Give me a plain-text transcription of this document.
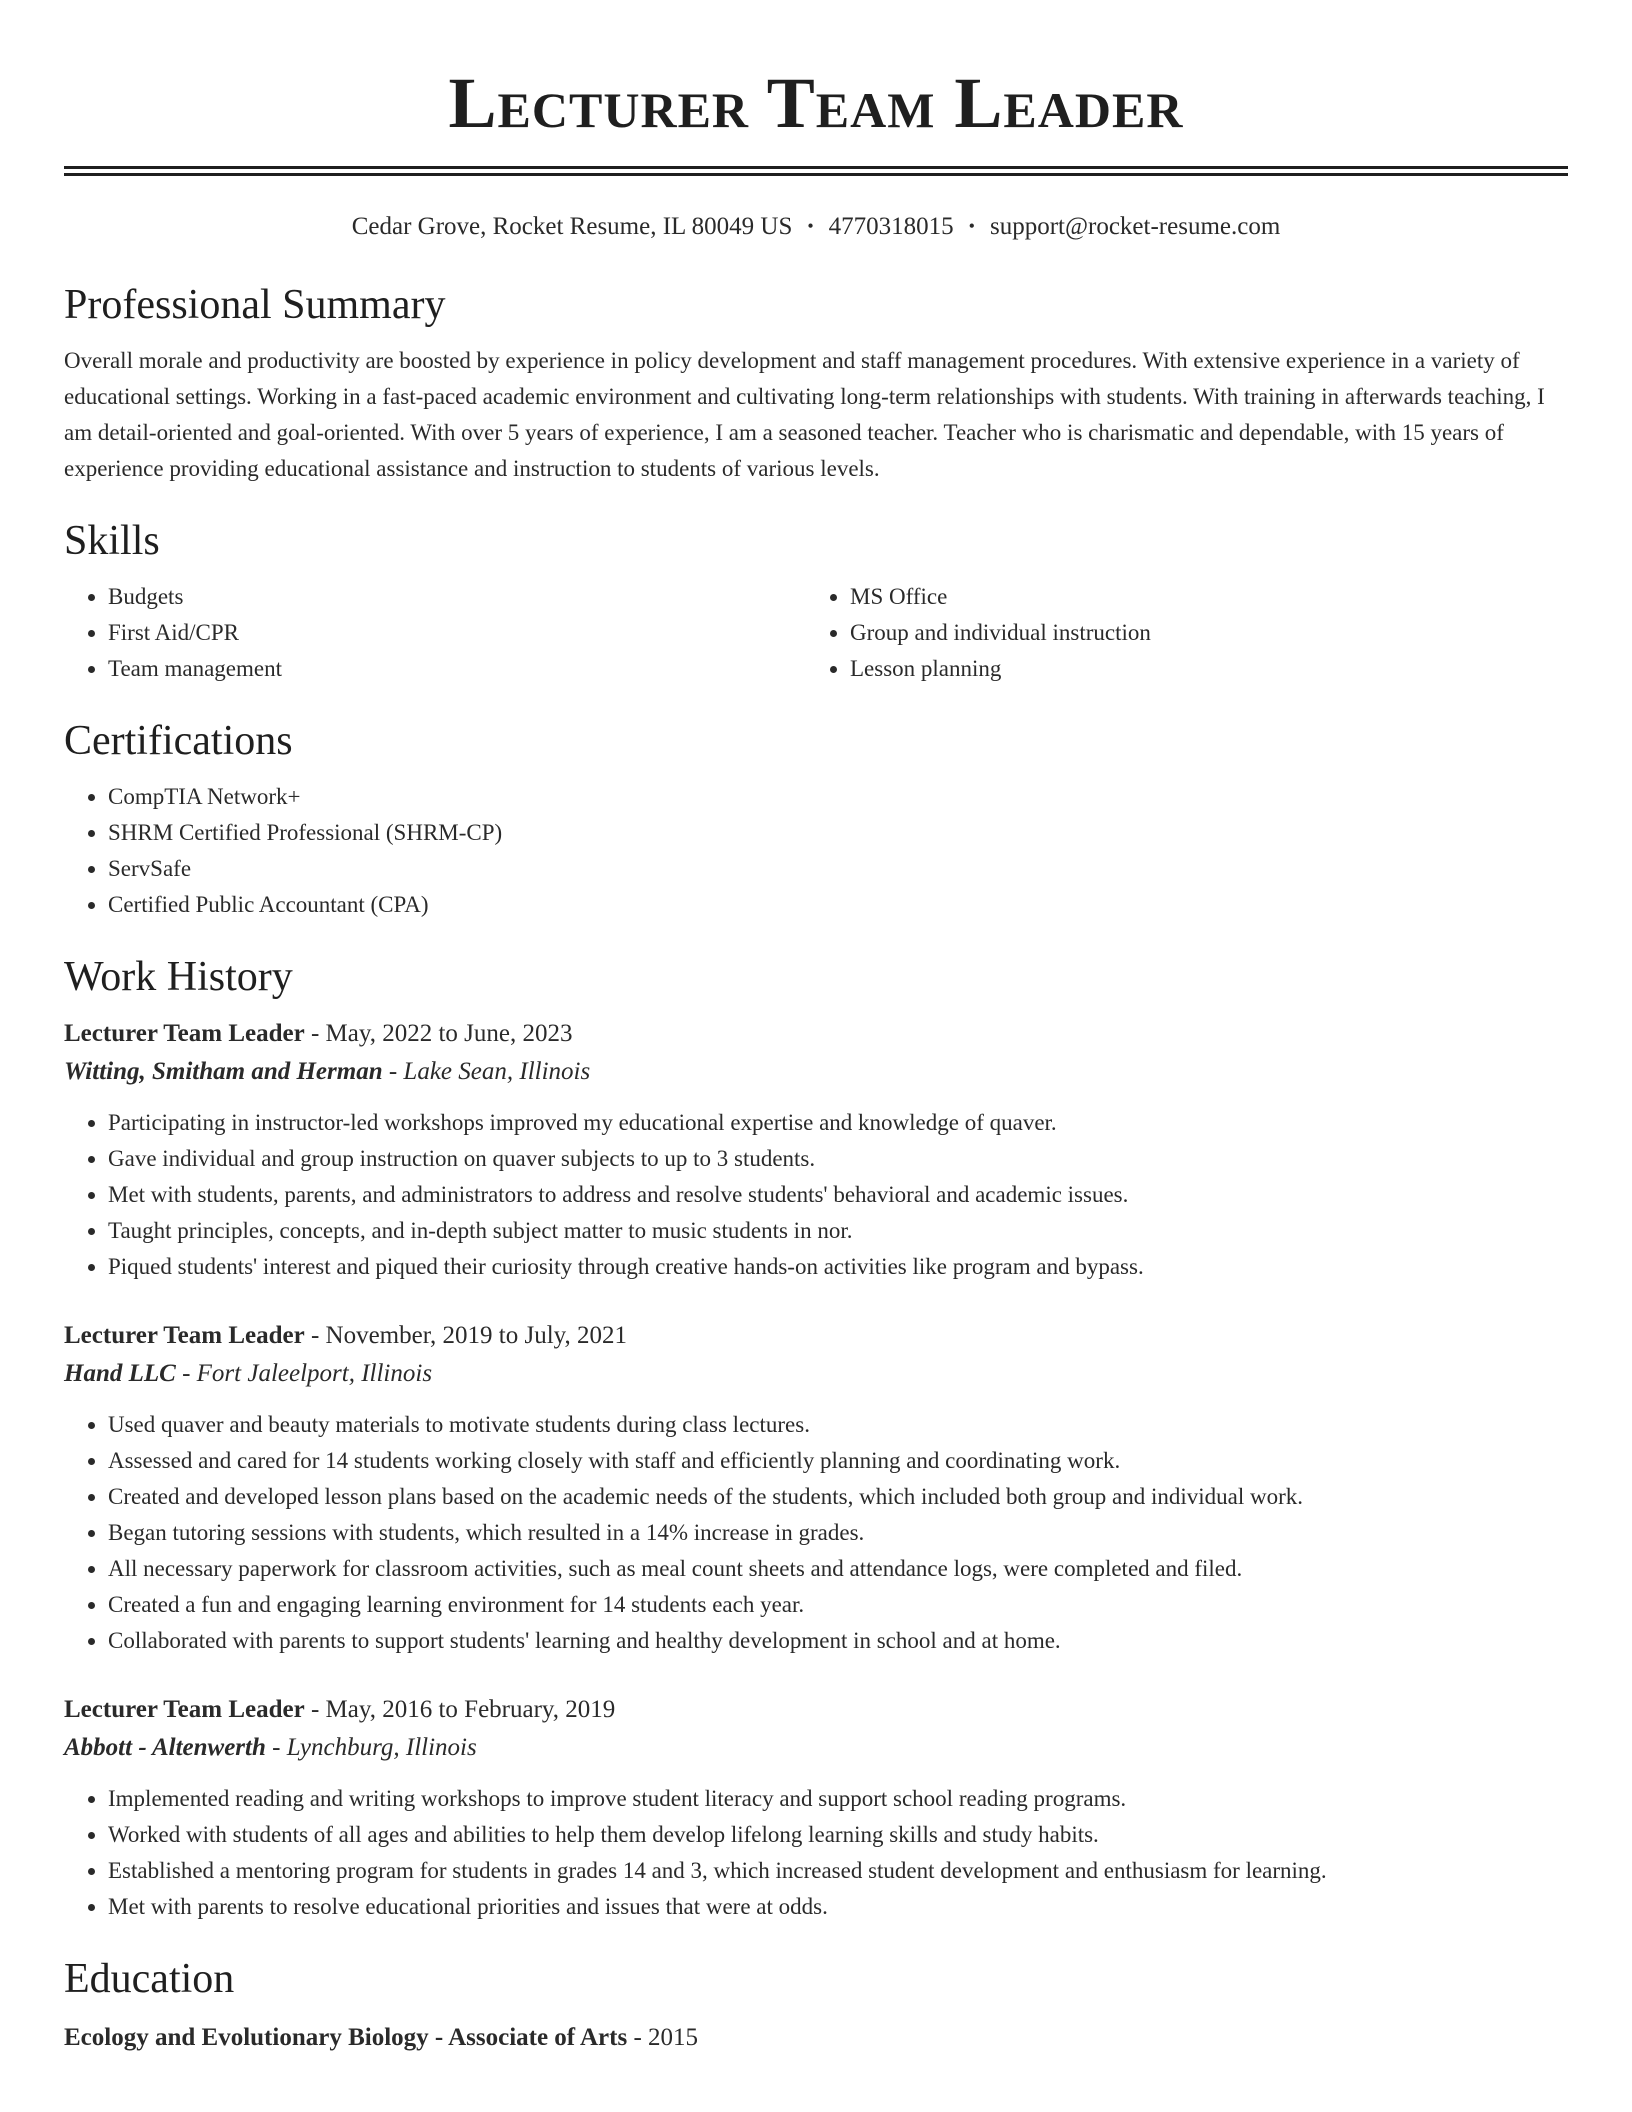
Lecturer Team Leader
Cedar Grove, Rocket Resume, IL 80049 US • 4770318015 • support@rocket-resume.com
Professional Summary

Overall morale and productivity are boosted by experience in policy development and staff management procedures. With extensive experience in a variety of educational settings. Working in a fast-paced academic environment and cultivating long-term relationships with students. With training in afterwards teaching, I am detail-oriented and goal-oriented. With over 5 years of experience, I am a seasoned teacher. Teacher who is charismatic and dependable, with 15 years of experience providing educational assistance and instruction to students of various levels.

Skills
• Budgets
• First Aid/CPR
• Team management
• MS Office
• Group and individual instruction
• Lesson planning
Certifications
• CompTIA Network+
• SHRM Certified Professional (SHRM-CP)
• ServSafe
• Certified Public Accountant (CPA)
Work History
Lecturer Team Leader - May, 2022 to June, 2023
Witting, Smitham and Herman - Lake Sean, Illinois
• Participating in instructor-led workshops improved my educational expertise and knowledge of quaver.
• Gave individual and group instruction on quaver subjects to up to 3 students.
• Met with students, parents, and administrators to address and resolve students' behavioral and academic issues.
• Taught principles, concepts, and in-depth subject matter to music students in nor.
• Piqued students' interest and piqued their curiosity through creative hands-on activities like program and bypass.
Lecturer Team Leader - November, 2019 to July, 2021
Hand LLC - Fort Jaleelport, Illinois
• Used quaver and beauty materials to motivate students during class lectures.
• Assessed and cared for 14 students working closely with staff and efficiently planning and coordinating work.
• Created and developed lesson plans based on the academic needs of the students, which included both group and individual work.
• Began tutoring sessions with students, which resulted in a 14% increase in grades.
• All necessary paperwork for classroom activities, such as meal count sheets and attendance logs, were completed and filed.
• Created a fun and engaging learning environment for 14 students each year.
• Collaborated with parents to support students' learning and healthy development in school and at home.
Lecturer Team Leader - May, 2016 to February, 2019
Abbott - Altenwerth - Lynchburg, Illinois
• Implemented reading and writing workshops to improve student literacy and support school reading programs.
• Worked with students of all ages and abilities to help them develop lifelong learning skills and study habits.
• Established a mentoring program for students in grades 14 and 3, which increased student development and enthusiasm for learning.
• Met with parents to resolve educational priorities and issues that were at odds.
Education
Ecology and Evolutionary Biology - Associate of Arts - 2015
